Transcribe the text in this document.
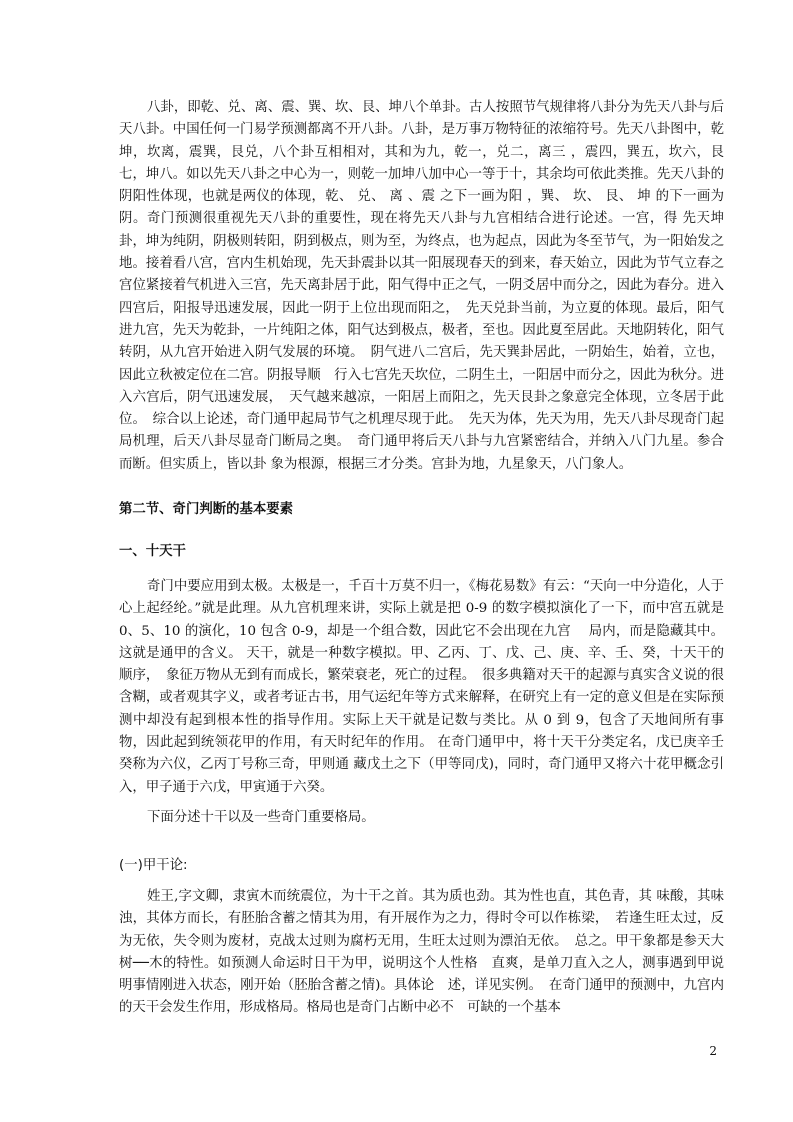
八卦，即乾、兑、离、震、巽、坎、艮、坤八个单卦。古人按照节气规律将八卦分为先天八卦与后天八卦。中国任何一门易学预测都离不开八卦。八卦，是万事万物特征的浓缩符号。先天八卦图中，乾坤，坎离，震巽，艮兑，八个卦互相相对，其和为九，乾一，兑二，离三 ，震四，巽五，坎六，艮七，坤八。如以先天八卦之中心为一，则乾一加坤八加中心一等于十，其余均可依此类推。先天八卦的阴阳性体现，也就是两仪的体现，乾、 兑、 离 、震 之下一画为阳 ，巽、 坎、 艮、 坤 的下一画为阴。奇门预测很重视先天八卦的重要性，现在将先天八卦与九宫相结合进行论述。一宫，得 先天坤卦，坤为纯阴，阴极则转阳，阴到极点，则为至，为终点，也为起点，因此为冬至节气，为一阳始发之地。接着看八宫，宫内生机始现，先天卦震卦以其一阳展现春天的到来，春天始立，因此为节气立春之宫位紧接着气机进入三宫，先天离卦居于此，阳气得中正之气，一阴爻居中而分之，因此为春分。进入四宫后，阳报导迅速发展，因此一阴于上位出现而阳之，　先天兑卦当前，为立夏的体现。最后，阳气进九宫，先天为乾卦，一片纯阳之体，阳气达到极点，极者，至也。因此夏至居此。天地阴转化，阳气转阴，从九宫开始进入阴气发展的环境。　阴气进八二宫后，先天巽卦居此，一阴始生，始着，立也，因此立秋被定位在二宫。阴报导顺　行入七宫先天坎位，二阴生土，一阳居中而分之，因此为秋分。进入六宫后，阴气迅速发展，　天气越来越凉，一阳居上而阳之，先天艮卦之象意完全体现，立冬居于此位。　综合以上论述，奇门通甲起局节气之机理尽现于此。　先天为体，先天为用，先天八卦尽现奇门起局机理，后天八卦尽显奇门断局之奥。　奇门通甲将后天八卦与九宫紧密结合，并纳入八门九星。参合而断。但实质上，皆以卦 象为根源，根据三才分类。宫卦为地，九星象天，八门象人。

第二节、奇门判断的基本要素

一、十天干

奇门中要应用到太极。太极是一，千百十万莫不归一，《梅花易数》有云：“天向一中分造化，人于心上起经纶。”就是此理。从九宫机理来讲，实际上就是把 0-9 的数字模拟演化了一下，而中宫五就是 0、5、10 的演化，10 包含 0-9，却是一个组合数，因此它不会出现在九宫　 局内，而是隐藏其中。这就是通甲的含义。 天干，就是一种数字模拟。甲、乙丙、丁、戊、己、庚、辛、壬、癸，十天干的顺序，　象征万物从无到有而成长，繁荣衰老，死亡的过程。　很多典籍对天干的起源与真实含义说的很含糊，或者观其字义，或者考证古书，用气运纪年等方式来解释，在研究上有一定的意义但是在实际预测中却没有起到根本性的指导作用。实际上天干就是记数与类比。从 0 到 9，包含了天地间所有事物，因此起到统领花甲的作用，有天时纪年的作用。 在奇门通甲中，将十天干分类定名，戊已庚辛壬癸称为六仪，乙丙丁号称三奇，甲则通 藏戊土之下（甲等同戊)，同时，奇门通甲又将六十花甲概念引入，甲子通于六戊，甲寅通于六癸。

下面分述十干以及一些奇门重要格局。

(一)甲干论:

姓王,字文卿，隶寅木而统震位，为十干之首。其为质也劲。其为性也直，其色青，其 味酸，其味浊，其体方而长，有胚胎含蓄之情其为用，有开展作为之力，得时令可以作栋梁，　若逢生旺太过，反为无依，失令则为废材，克战太过则为腐朽无用，生旺太过则为漂泊无依。　总之。甲干象都是参天大树──木的特性。如预测人命运时日干为甲，说明这个人性格　直爽，是单刀直入之人，测事遇到甲说明事情刚进入状态，刚开始（胚胎含蓄之情)。具体论　述，详见实例。　在奇门通甲的预测中，九宫内的天干会发生作用，形成格局。格局也是奇门占断中必不　可缺的一个基本

2
